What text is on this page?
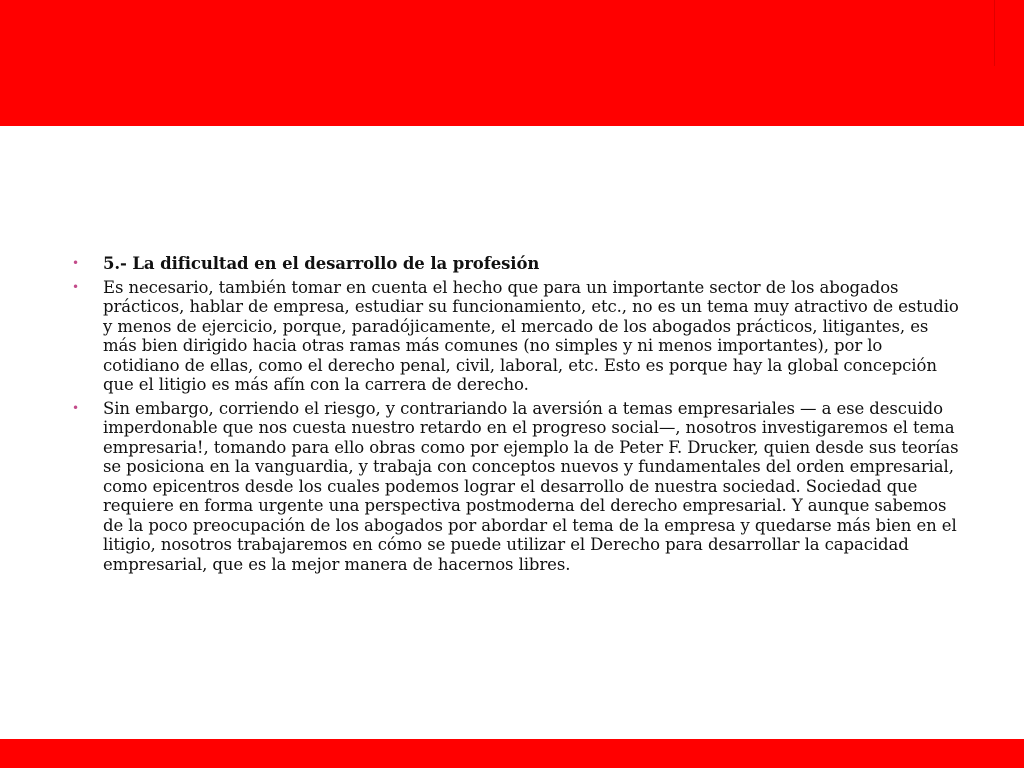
• 5.- La dificultad en el desarrollo de la profesión
• Es necesario, también tomar en cuenta el hecho que para un importante sector de los abogados prácticos, hablar de empresa, estudiar su funcionamiento, etc., no es un tema muy atractivo de estudio y menos de ejercicio, porque, paradójicamente, el mercado de los abogados prácticos, litigantes, es más bien dirigido hacia otras ramas más comunes (no simples y ni menos importantes), por lo cotidiano de ellas, como el derecho penal, civil, laboral, etc. Esto es porque hay la global concepción que el litigio es más afín con la carrera de derecho.
• Sin embargo, corriendo el riesgo, y contrariando la aversión a temas empresariales — a ese descuido imperdonable que nos cuesta nuestro retardo en el progreso social—, nosotros investigaremos el tema empresaria!, tomando para ello obras como por ejemplo la de Peter F. Drucker, quien desde sus teorías se posiciona en la vanguardia, y trabaja con conceptos nuevos y fundamentales del orden empresarial, como epicentros desde los cuales podemos lograr el desarrollo de nuestra sociedad. Sociedad que requiere en forma urgente una perspectiva postmoderna del derecho empresarial. Y aunque sabemos de la poco preocupación de los abogados por abordar el tema de la empresa y quedarse más bien en el litigio, nosotros trabajaremos en cómo se puede utilizar el Derecho para desarrollar la capacidad empresarial, que es la mejor manera de hacernos libres.
